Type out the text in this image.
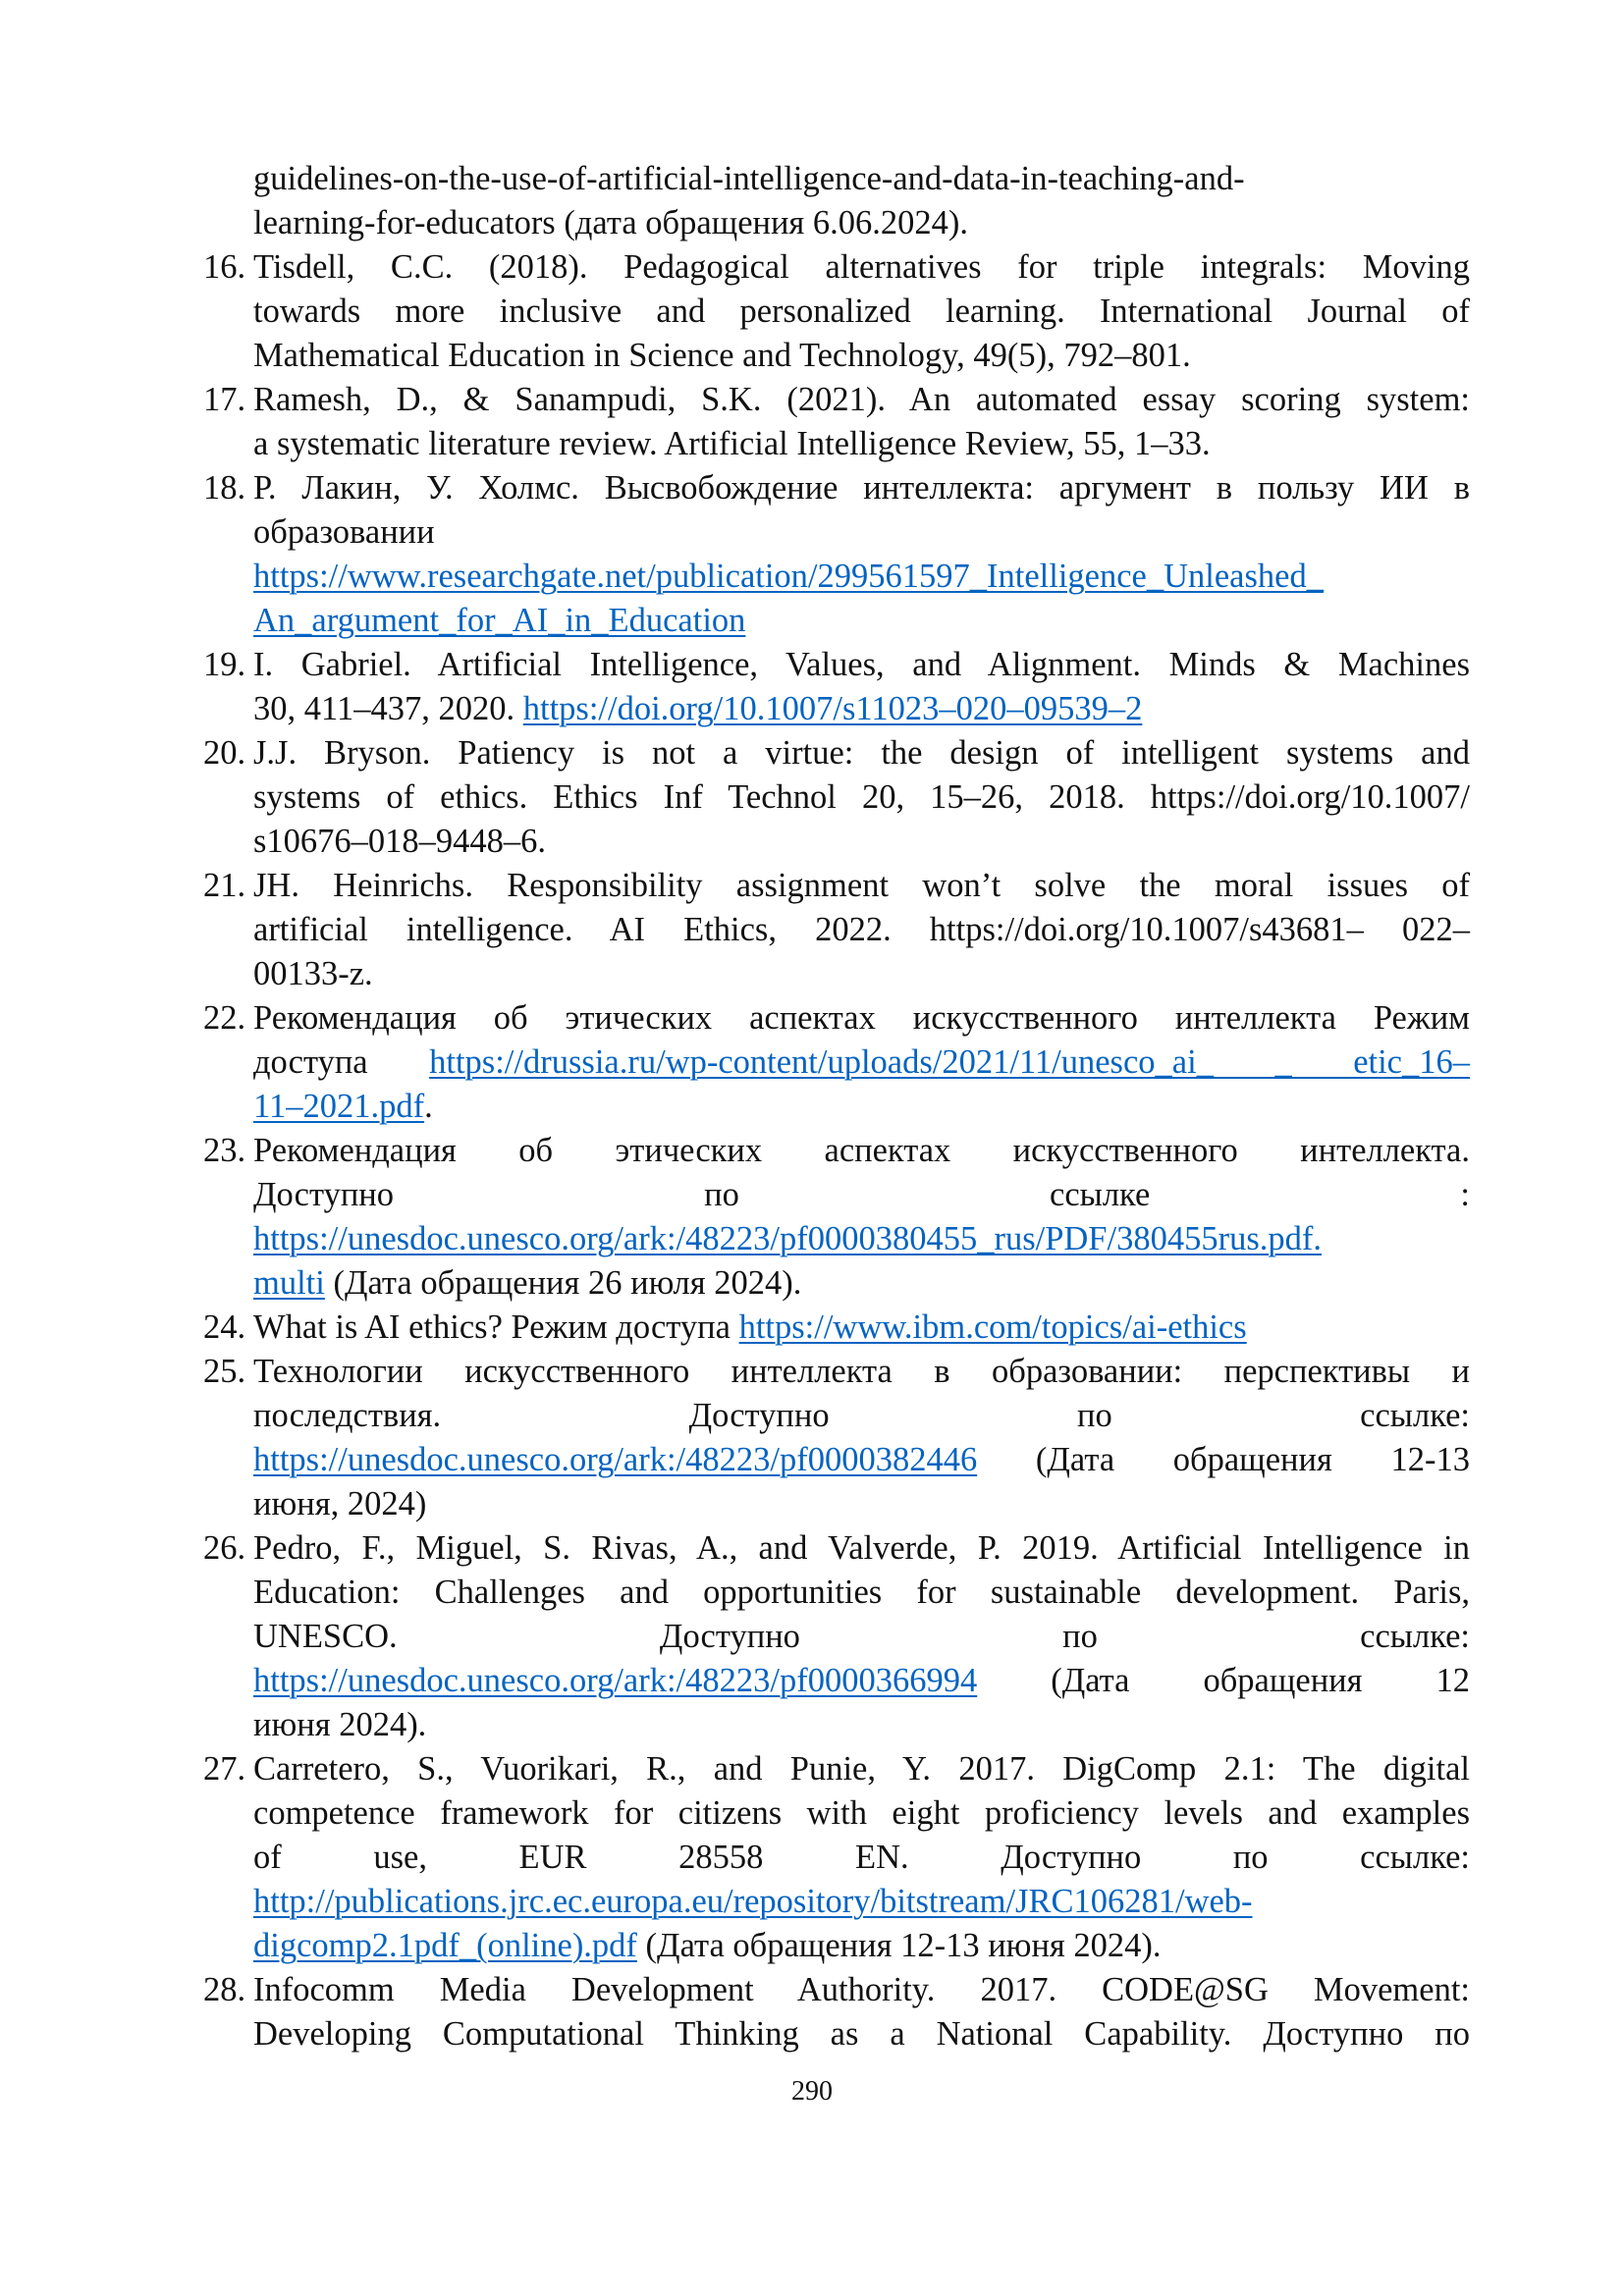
guidelines-on-the-use-of-artificial-intelligence-and-data-in-teaching-and-
learning-for-educators (дата обращения 6.06.2024).
16. Tisdell, C.C. (2018). Pedagogical alternatives for triple integrals: Moving
towards more inclusive and personalized learning. International Journal of
Mathematical Education in Science and Technology, 49(5), 792–801.
17. Ramesh, D., & Sanampudi, S.K. (2021). An automated essay scoring system:
a systematic literature review. Artificial Intelligence Review, 55, 1–33.
18. Р. Лакин, У. Холмс. Высвобождение интеллекта: аргумент в пользу ИИ в
образовании
https://www.researchgate.net/publication/299561597_Intelligence_Unleashed_
An_argument_for_AI_in_Education
19. I. Gabriel. Artificial Intelligence, Values, and Alignment. Minds & Machines
30, 411–437, 2020. https://doi.org/10.1007/s11023–020–09539–2
20. J.J. Bryson. Patiency is not a virtue: the design of intelligent systems and
systems of ethics. Ethics Inf Technol 20, 15–26, 2018. https://doi.org/10.1007/
s10676–018–9448–6.
21. JH. Heinrichs. Responsibility assignment won’t solve the moral issues of
artificial intelligence. AI Ethics, 2022. https://doi.org/10.1007/s43681– 022–
00133-z.
22. Рекомендация об этических аспектах искусственного интеллекта Режим
доступа https://drussia.ru/wp-content/uploads/2021/11/unesco_ai_ _ etic_16–
11–2021.pdf.
23. Рекомендация об этических аспектах искусственного интеллекта.
Доступно по ссылке :
https://unesdoc.unesco.org/ark:/48223/pf0000380455_rus/PDF/380455rus.pdf.
multi (Дата обращения 26 июля 2024).
24. What is AI ethics? Режим доступа https://www.ibm.com/topics/ai-ethics
25. Технологии искусственного интеллекта в образовании: перспективы и
последствия. Доступно по ссылке:
https://unesdoc.unesco.org/ark:/48223/pf0000382446 (Дата обращения 12-13
июня, 2024)
26. Pedro, F., Miguel, S. Rivas, A., and Valverde, P. 2019. Artificial Intelligence in
Education: Challenges and opportunities for sustainable development. Paris,
UNESCO. Доступно по ссылке:
https://unesdoc.unesco.org/ark:/48223/pf0000366994 (Дата обращения 12
июня 2024).
27. Carretero, S., Vuorikari, R., and Punie, Y. 2017. DigComp 2.1: The digital
competence framework for citizens with eight proficiency levels and examples
of use, EUR 28558 EN. Доступно по ссылке:
http://publications.jrc.ec.europa.eu/repository/bitstream/JRC106281/web-
digcomp2.1pdf_(online).pdf (Дата обращения 12-13 июня 2024).
28. Infocomm Media Development Authority. 2017. CODE@SG Movement:
Developing Computational Thinking as a National Capability. Доступно по
290
